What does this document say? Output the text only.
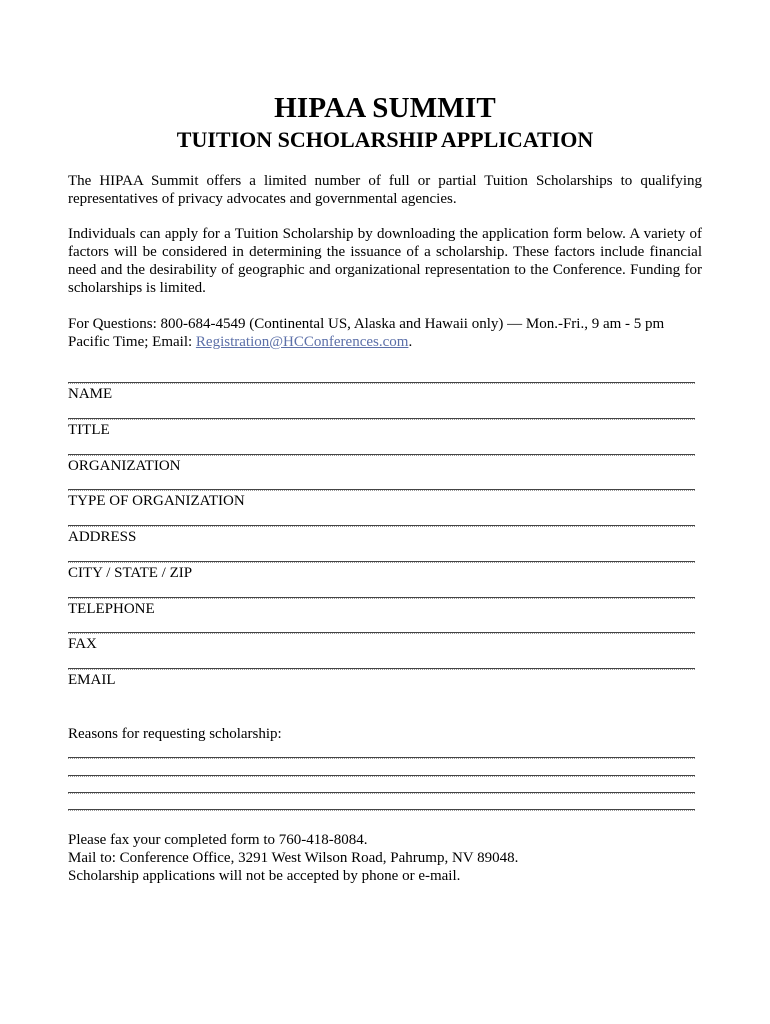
HIPAA SUMMIT
TUITION SCHOLARSHIP APPLICATION

The HIPAA Summit offers a limited number of full or partial Tuition Scholarships to qualifying representatives of privacy advocates and governmental agencies.

Individuals can apply for a Tuition Scholarship by downloading the application form below. A variety of factors will be considered in determining the issuance of a scholarship. These factors include financial need and the desirability of geographic and organizational representation to the Conference. Funding for scholarships is limited.

For Questions: 800-684-4549 (Continental US, Alaska and Hawaii only) — Mon.-Fri., 9 am - 5 pm Pacific Time; Email: Registration@HCConferences.com.

NAME
TITLE
ORGANIZATION
TYPE OF ORGANIZATION
ADDRESS
CITY / STATE / ZIP
TELEPHONE
FAX
EMAIL
Reasons for requesting scholarship:
Please fax your completed form to 760-418-8084.
Mail to: Conference Office, 3291 West Wilson Road, Pahrump, NV 89048.
Scholarship applications will not be accepted by phone or e-mail.
